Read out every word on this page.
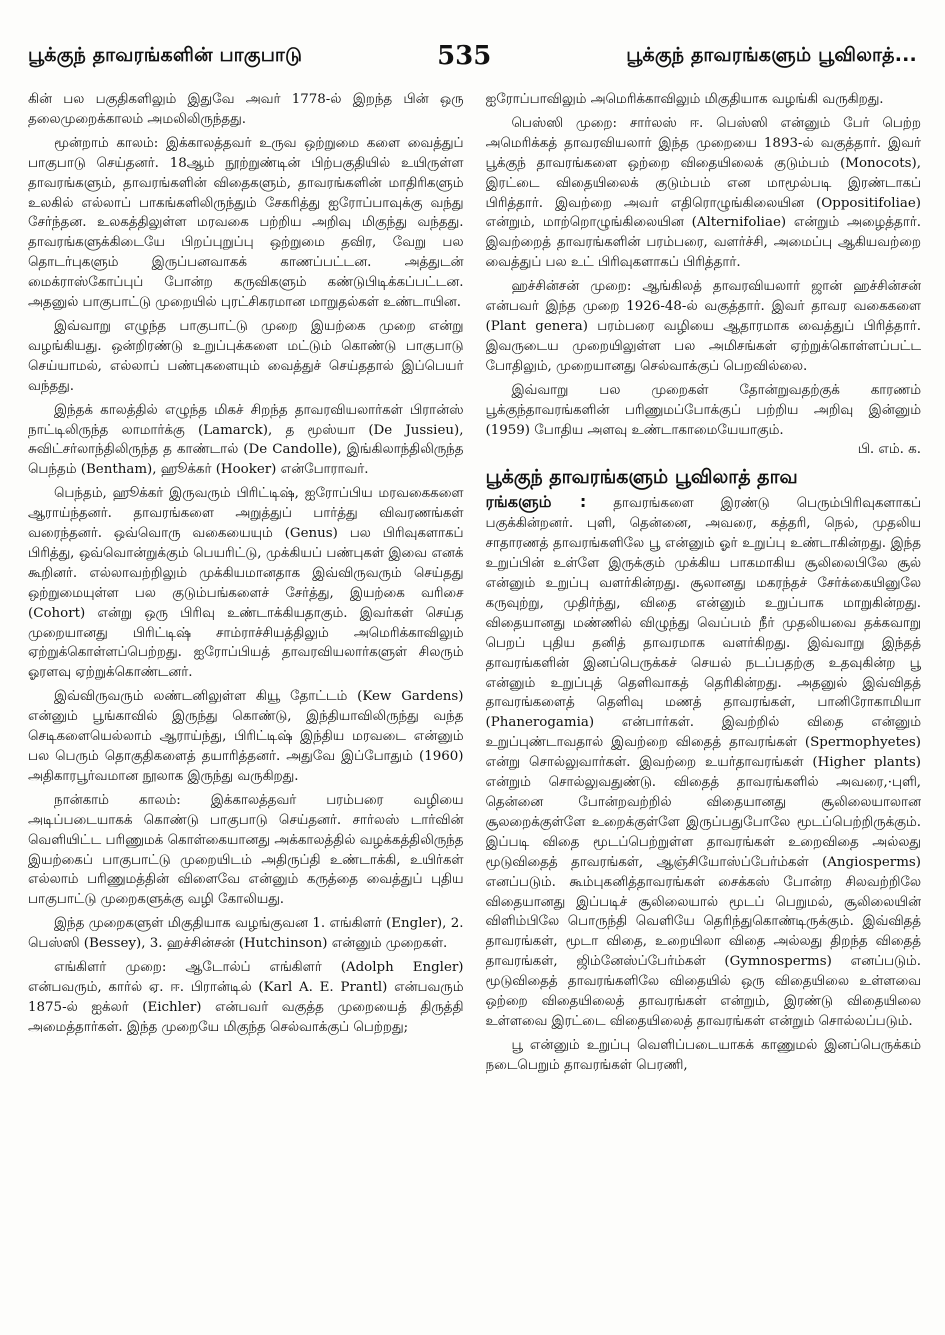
பூக்குந் தாவரங்களின் பாகுபாடு	535	பூக்குந் தாவரங்களும் பூவிலாத்...

கின் பல பகுதிகளிலும் இதுவே அவர் 1778-ல் இறந்த பின் ஒரு தலைமுறைக்காலம் அமலிலிருந்தது.

மூன்றாம் காலம்: இக்காலத்தவர் உருவ ஒற்றுமை களை வைத்துப் பாகுபாடு செய்தனர். 18ஆம் நூற்றுண்டின் பிற்பகுதியில் உயிருள்ள தாவரங்களும், தாவரங்களின் விதைகளும், தாவரங்களின் மாதிரிகளும் உலகில் எல்லாப் பாகங்களிலிருந்தும் சேகரித்து ஐரோப்பாவுக்கு வந்து சேர்ந்தன. உலகத்திலுள்ள மரவகை பற்றிய அறிவு மிகுந்து வந்தது. தாவரங்களுக்கிடையே பிறப்புறுப்பு ஒற்றுமை தவிர, வேறு பல தொடர்புகளும் இருப்பனவாகக் காணப்பட்டன. அத்துடன் மைக்ராஸ்கோப்புப் போன்ற கருவிகளும் கண்டுபிடிக்கப்பட்டன. அதனுல் பாகுபாட்டு முறையில் புரட்சிகரமான மாறுதல்கள் உண்டாயின.

இவ்வாறு எழுந்த பாகுபாட்டு முறை இயற்கை முறை என்று வழங்கியது. ஒன்றிரண்டு உறுப்புக்களை மட்டும் கொண்டு பாகுபாடு செய்யாமல், எல்லாப் பண்புகளையும் வைத்துச் செய்ததால் இப்பெயர் வந்தது.

இந்தக் காலத்தில் எழுந்த மிகச் சிறந்த தாவரவியலார்கள் பிரான்ஸ் நாட்டிலிருந்த லாமார்க்கு (Lamarck), த மூஸ்யா (De Jussieu), சுவிட்சர்லாந்திலிருந்த த காண்டால் (De Candolle), இங்கிலாந்திலிருந்த பெந்தம் (Bentham), ஹூக்கர் (Hooker) என்போராவர்.

பெந்தம், ஹூக்கர் இருவரும் பிரிட்டிஷ், ஐரோப்பிய மரவகைகளை ஆராய்ந்தனர். தாவரங்களை அறுத்துப் பார்த்து விவரணங்கள் வரைந்தனர். ஒவ்வொரு வகையையும் (Genus) பல பிரிவுகளாகப் பிரித்து, ஒவ்வொன்றுக்கும் பெயரிட்டு, முக்கியப் பண்புகள் இவை எனக் கூறினர். எல்லாவற்றிலும் முக்கியமானதாக இவ்விருவரும் செய்தது ஒற்றுமையுள்ள பல குடும்பங்களைச் சேர்த்து, இயற்கை வரிசை (Cohort) என்று ஒரு பிரிவு உண்டாக்கியதாகும். இவர்கள் செய்த முறையானது பிரிட்டிஷ் சாம்ராச்சியத்திலும் அமெரிக்காவிலும் ஏற்றுக்கொள்ளப்பெற்றது. ஐரோப்பியத் தாவரவியலார்களுள் சிலரும் ஓரளவு ஏற்றுக்கொண்டனர்.

இவ்விருவரும் லண்டனிலுள்ள கியூ தோட்டம் (Kew Gardens) என்னும் பூங்காவில் இருந்து கொண்டு, இந்தியாவிலிருந்து வந்த செடிகளையெல்லாம் ஆராய்ந்து, பிரிட்டிஷ் இந்திய மரவடை என்னும் பல பெரும் தொகுதிகளைத் தயாரித்தனர். அதுவே இப்போதும் (1960) அதிகாரபூர்வமான நூலாக இருந்து வருகிறது.

நான்காம் காலம்: இக்காலத்தவர் பரம்பரை வழியை அடிப்படையாகக் கொண்டு பாகுபாடு செய்தனர். சார்லஸ் டார்வின் வெளியிட்ட பரிணுமக் கொள்கையானது அக்காலத்தில் வழக்கத்திலிருந்த இயற்கைப் பாகுபாட்டு முறையிடம் அதிருப்தி உண்டாக்கி, உயிர்கள் எல்லாம் பரிணுமத்தின் விளைவே என்னும் கருத்தை வைத்துப் புதிய பாகுபாட்டு முறைகளுக்கு வழி கோலியது.

இந்த முறைகளுள் மிகுதியாக வழங்குவன 1. எங்கிளர் (Engler), 2. பெஸ்ஸி (Bessey), 3. ஹச்சின்சன் (Hutchinson) என்னும் முறைகள்.

எங்கிளர் முறை: ஆடோல்ப் எங்கிளர் (Adolph Engler) என்பவரும், கார்ல் ஏ. ஈ. பிரான்டில் (Karl A. E. Prantl) என்பவரும் 1875-ல் ஐக்லர் (Eichler) என்பவர் வகுத்த முறையைத் திருத்தி அமைத்தார்கள். இந்த முறையே மிகுந்த செல்வாக்குப் பெற்றது;

ஐரோப்பாவிலும் அமெரிக்காவிலும் மிகுதியாக வழங்கி வருகிறது.

பெஸ்ஸி முறை: சார்லஸ் ஈ. பெஸ்ஸி என்னும் பேர் பெற்ற அமெரிக்கத் தாவரவியலார் இந்த முறையை 1893-ல் வகுத்தார். இவர் பூக்குந் தாவரங்களை ஒற்றை விதையிலைக் குடும்பம் (Monocots), இரட்டை விதையிலைக் குடும்பம் என மாமூல்படி இரண்டாகப் பிரித்தார். இவற்றை அவர் எதிரொழுங்கிலையின (Oppositifoliae) என்றும், மாற்றொழுங்கிலையின (Alternifoliae) என்றும் அழைத்தார். இவற்றைத் தாவரங்களின் பரம்பரை, வளர்ச்சி, அமைப்பு ஆகியவற்றை வைத்துப் பல உட் பிரிவுகளாகப் பிரித்தார்.

ஹச்சின்சன் முறை: ஆங்கிலத் தாவரவியலார் ஜான் ஹச்சின்சன் என்பவர் இந்த முறை 1926-48-ல் வகுத்தார். இவர் தாவர வகைகளை (Plant genera) பரம்பரை வழியை ஆதாரமாக வைத்துப் பிரித்தார். இவருடைய முறையிலுள்ள பல அமிசங்கள் ஏற்றுக்கொள்ளப்பட்ட போதிலும், முறையானது செல்வாக்குப் பெறவில்லை.

இவ்வாறு பல முறைகள் தோன்றுவதற்குக் காரணம் பூக்குந்தாவரங்களின் பரிணுமப்போக்குப் பற்றிய அறிவு இன்னும் (1959) போதிய அளவு உண்டாகாமையேயாகும்.

பி. எம். க.
பூக்குந் தாவரங்களும் பூவிலாத் தாவ

ரங்களும் : தாவரங்களை இரண்டு பெரும்பிரிவுகளாகப் பகுக்கின்றனர். புளி, தென்னை, அவரை, கத்தரி, நெல், முதலிய சாதாரணத் தாவரங்களிலே பூ என்னும் ஓர் உறுப்பு உண்டாகின்றது. இந்த உறுப்பின் உள்ளே இருக்கும் முக்கிய பாகமாகிய சூலிலைபிலே சூல் என்னும் உறுப்பு வளர்கின்றது. சூலானது மகரந்தச் சேர்க்கையினுலே கருவுற்று, முதிர்ந்து, விதை என்னும் உறுப்பாக மாறுகின்றது. விதையானது மண்ணில் விழுந்து வெப்பம் நீர் முதலியவை தக்கவாறு பெறப் புதிய தனித் தாவரமாக வளர்கிறது. இவ்வாறு இந்தத் தாவரங்களின் இனப்பெருக்கச் செயல் நடப்பதற்கு உதவுகின்ற பூ என்னும் உறுப்புத் தெளிவாகத் தெரிகின்றது. அதனுல் இவ்விதத் தாவரங்களைத் தெளிவு மணத் தாவரங்கள், பானிரோகாமியா (Phanerogamia) என்பார்கள். இவற்றில் விதை என்னும் உறுப்புண்டாவதால் இவற்றை விதைத் தாவரங்கள் (Spermophyetes) என்று சொல்லுவார்கள். இவற்றை உயர்தாவரங்கள் (Higher plants) என்றும் சொல்லுவதுண்டு. விதைத் தாவரங்களில் அவரை,·புளி, தென்னை போன்றவற்றில் விதையானது சூலிலையாலான சூலறைக்குள்ளே உறைக்குள்ளே இருப்பதுபோலே மூடப்பெற்றிருக்கும். இப்படி விதை மூடப்பெற்றுள்ள தாவரங்கள் உறைவிதை அல்லது மூடுவிதைத் தாவரங்கள், ஆஞ்சியோஸ்ப்பேர்ம்கள் (Angiosperms) எனப்படும். கூம்புகனித்தாவரங்கள் சைக்கஸ் போன்ற சிலவற்றிலே விதையானது இப்படிச் சூலிலையால் மூடப் பெறுமல், சூலிலையின் விளிம்பிலே பொருந்தி வெளியே தெரிந்துகொண்டிருக்கும். இவ்விதத் தாவரங்கள், மூடா விதை, உறையிலா விதை அல்லது திறந்த விதைத் தாவரங்கள், ஜிம்னேஸ்ப்பேர்ம்கள் (Gymnosperms) எனப்படும். மூடுவிதைத் தாவரங்களிலே விதையில் ஒரு விதையிலை உள்ளவை ஒற்றை விதையிலைத் தாவரங்கள் என்றும், இரண்டு விதையிலை உள்ளவை இரட்டை விதையிலைத் தாவரங்கள் என்றும் சொல்லப்படும்.

பூ என்னும் உறுப்பு வெளிப்படையாகக் காணுமல் இனப்பெருக்கம் நடைபெறும் தாவரங்கள் பெரணி,
